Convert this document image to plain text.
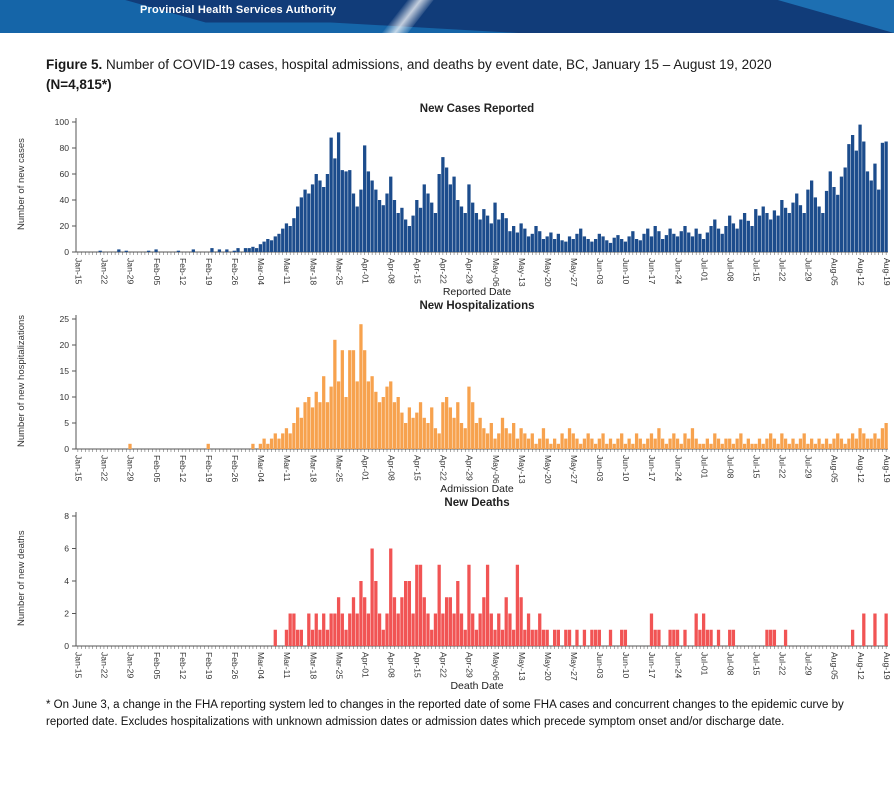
Provincial Health Services Authority
Figure 5. Number of COVID-19 cases, hospital admissions, and deaths by event date, BC, January 15 – August 19, 2020
(N=4,815*)
New Cases Reported
Number of new cases
0
20
40
60
80
100
Jan-15 Jan-22 Jan-29 Feb-05 Feb-12 Feb-19 Feb-26 Mar-04 Mar-11 Mar-18 Mar-25 Apr-01 Apr-08 Apr-15 Apr-22 Apr-29 May-06 May-13 May-20 May-27 Jun-03 Jun-10 Jun-17 Jun-24 Jul-01 Jul-08 Jul-15 Jul-22 Jul-29 Aug-05 Aug-12 Aug-19
Reported Date
New Hospitalizations
Number of new hospitalizations
0
5
10
15
20
25
Jan-15 Jan-22 Jan-29 Feb-05 Feb-12 Feb-19 Feb-26 Mar-04 Mar-11 Mar-18 Mar-25 Apr-01 Apr-08 Apr-15 Apr-22 Apr-29 May-06 May-13 May-20 May-27 Jun-03 Jun-10 Jun-17 Jun-24 Jul-01 Jul-08 Jul-15 Jul-22 Jul-29 Aug-05 Aug-12 Aug-19
Admission Date
New Deaths
Number of new deaths
0
2
4
6
8
Jan-15 Jan-22 Jan-29 Feb-05 Feb-12 Feb-19 Feb-26 Mar-04 Mar-11 Mar-18 Mar-25 Apr-01 Apr-08 Apr-15 Apr-22 Apr-29 May-06 May-13 May-20 May-27 Jun-03 Jun-10 Jun-17 Jun-24 Jul-01 Jul-08 Jul-15 Jul-22 Jul-29 Aug-05 Aug-12 Aug-19
Death Date
* On June 3, a change in the FHA reporting system led to changes in the reported date of some FHA cases and concurrent changes to the epidemic curve by reported date. Excludes hospitalizations with unknown admission dates or admission dates which precede symptom onset and/or discharge date.
